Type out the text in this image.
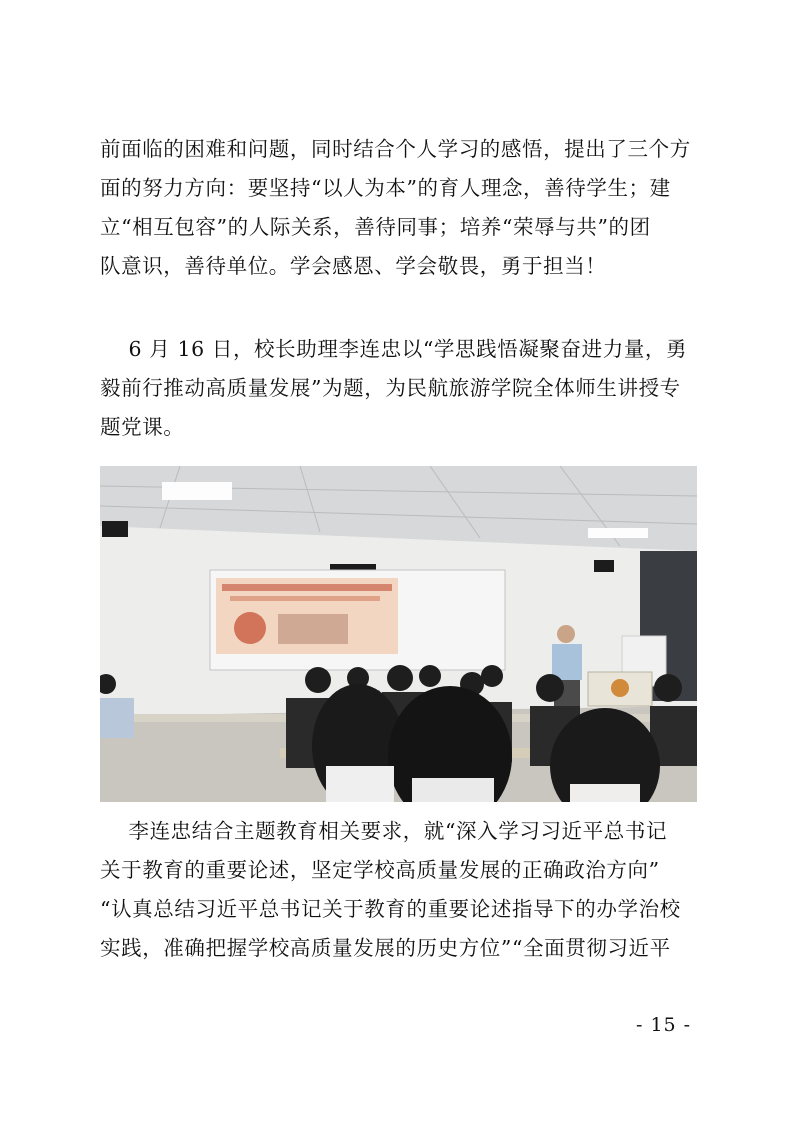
前面临的困难和问题，同时结合个人学习的感悟，提出了三个方
面的努力方向：要坚持“以人为本”的育人理念，善待学生；建
立“相互包容”的人际关系，善待同事；培养“荣辱与共”的团
队意识，善待单位。学会感恩、学会敬畏，勇于担当！
6 月 16 日，校长助理李连忠以“学思践悟凝聚奋进力量，勇
毅前行推动高质量发展”为题，为民航旅游学院全体师生讲授专
题党课。
李连忠结合主题教育相关要求，就“深入学习习近平总书记
关于教育的重要论述，坚定学校高质量发展的正确政治方向”
“认真总结习近平总书记关于教育的重要论述指导下的办学治校
实践，准确把握学校高质量发展的历史方位”“全面贯彻习近平
- 15 -
